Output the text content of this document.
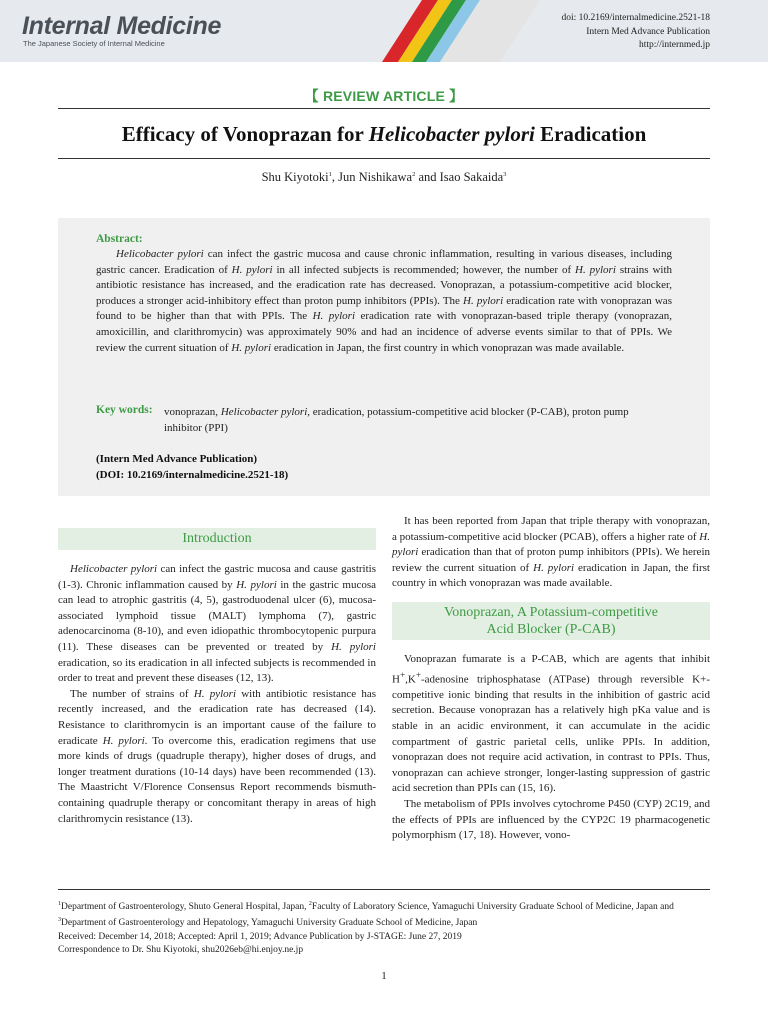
Internal Medicine
The Japanese Society of Internal Medicine
doi: 10.2169/internalmedicine.2521-18
Intern Med Advance Publication
http://internmed.jp
【 REVIEW ARTICLE 】
Efficacy of Vonoprazan for Helicobacter pylori Eradication
Shu Kiyotoki$^1$, Jun Nishikawa$^2$ and Isao Sakaida$^3$
Abstract:
Helicobacter pylori can infect the gastric mucosa and cause chronic inflammation, resulting in various diseases, including gastric cancer. Eradication of H. pylori in all infected subjects is recommended; however, the number of H. pylori strains with antibiotic resistance has increased, and the eradication rate has decreased. Vonoprazan, a potassium-competitive acid blocker, produces a stronger acid-inhibitory effect than proton pump inhibitors (PPIs). The H. pylori eradication rate with vonoprazan was found to be higher than that with PPIs. The H. pylori eradication rate with vonoprazan-based triple therapy (vonoprazan, amoxicillin, and clarithromycin) was approximately 90% and had an incidence of adverse events similar to that of PPIs. We review the current situation of H. pylori eradication in Japan, the first country in which vonoprazan was made available.
Key words: vonoprazan, Helicobacter pylori, eradication, potassium-competitive acid blocker (P-CAB), proton pump inhibitor (PPI)
(Intern Med Advance Publication)
(DOI: 10.2169/internalmedicine.2521-18)
Introduction

Helicobacter pylori can infect the gastric mucosa and cause gastritis (1-3). Chronic inflammation caused by H. pylori in the gastric mucosa can lead to atrophic gastritis (4, 5), gastroduodenal ulcer (6), mucosa-associated lymphoid tissue (MALT) lymphoma (7), gastric adenocarcinoma (8-10), and even idiopathic thrombocytopenic purpura (11). These diseases can be prevented or treated by H. pylori eradication, so its eradication in all infected subjects is recommended in order to treat and prevent these diseases (12, 13).

The number of strains of H. pylori with antibiotic resistance has recently increased, and the eradication rate has decreased (14). Resistance to clarithromycin is an important cause of the failure to eradicate H. pylori. To overcome this, eradication regimens that use more kinds of drugs (quadruple therapy), higher doses of drugs, and longer treatment durations (10-14 days) have been recommended (13). The Maastricht V/Florence Consensus Report recommends bismuth-containing quadruple therapy or concomitant therapy in areas of high clarithromycin resistance (13).

It has been reported from Japan that triple therapy with vonoprazan, a potassium-competitive acid blocker (PCAB), offers a higher rate of H. pylori eradication than that of proton pump inhibitors (PPIs). We herein review the current situation of H. pylori eradication in Japan, the first country in which vonoprazan was made available.

Vonoprazan, A Potassium-competitive
Acid Blocker (P-CAB)

Vonoprazan fumarate is a P-CAB, which are agents that inhibit H+,K+-adenosine triphosphatase (ATPase) through reversible K+-competitive ionic binding that results in the inhibition of gastric acid secretion. Because vonoprazan has a relatively high pKa value and is stable in an acidic environment, it can accumulate in the acidic compartment of gastric parietal cells, unlike PPIs. In addition, vonoprazan does not require acid activation, in contrast to PPIs. Thus, vonoprazan can achieve stronger, longer-lasting suppression of gastric acid secretion than PPIs can (15, 16).

The metabolism of PPIs involves cytochrome P450 (CYP) 2C19, and the effects of PPIs are influenced by the CYP2C 19 pharmacogenetic polymorphism (17, 18). However, vono-

$^1$Department of Gastroenterology, Shuto General Hospital, Japan, $^2$Faculty of Laboratory Science, Yamaguchi University Graduate School of Medicine, Japan and $^3$Department of Gastroenterology and Hepatology, Yamaguchi University Graduate School of Medicine, Japan
Received: December 14, 2018; Accepted: April 1, 2019; Advance Publication by J-STAGE: June 27, 2019
Correspondence to Dr. Shu Kiyotoki, shu2026eb@hi.enjoy.ne.jp
1
